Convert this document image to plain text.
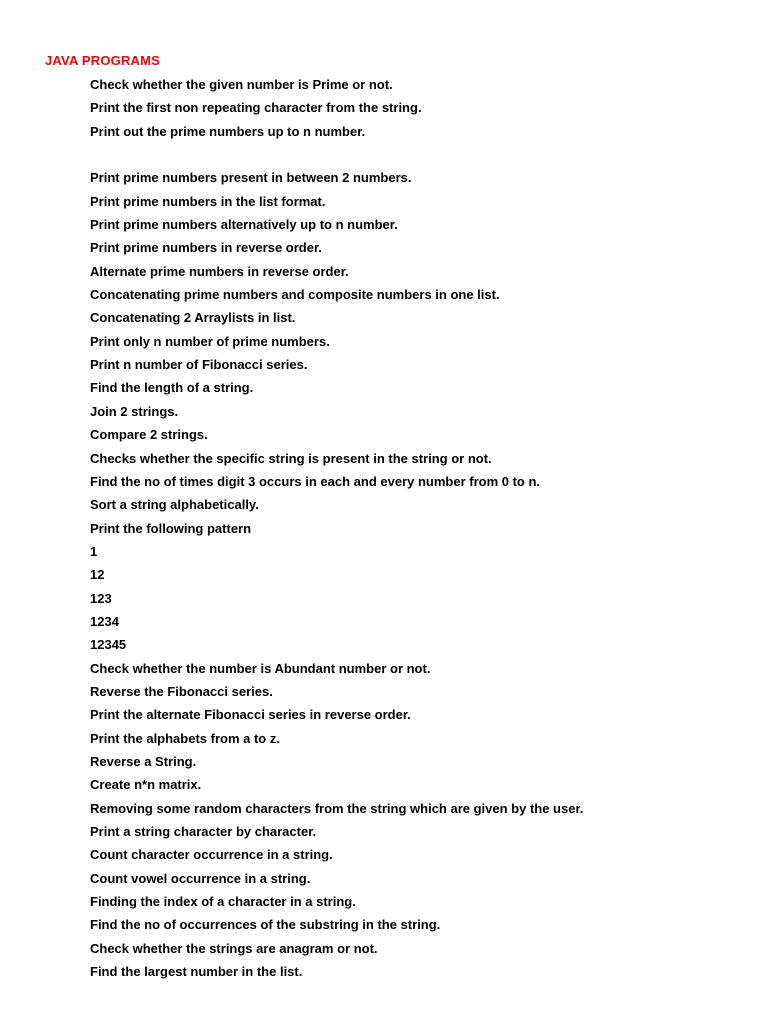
JAVA PROGRAMS
Check whether the given number is Prime or not.
Print the first non repeating character from the string.
Print out the prime numbers up to n number.
Print prime numbers present in between 2 numbers.
Print prime numbers in the list format.
Print prime numbers alternatively up to n number.
Print prime numbers in reverse order.
Alternate prime numbers in reverse order.
Concatenating prime numbers and composite numbers in one list.
Concatenating 2 Arraylists in list.
Print only n number of prime numbers.
Print n number of Fibonacci series.
Find the length of a string.
Join 2 strings.
Compare 2 strings.
Checks whether the specific string is present in the string or not.
Find the no of times digit 3 occurs in each and every number from 0 to n.
Sort a string alphabetically.
Print the following pattern
1
12
123
1234
12345
Check whether the number is Abundant number or not.
Reverse the Fibonacci series.
Print the alternate Fibonacci series in reverse order.
Print the alphabets from a to z.
Reverse a String.
Create n*n matrix.
Removing some random characters from the string which are given by the user.
Print a string character by character.
Count character occurrence in a string.
Count vowel occurrence in a string.
Finding the index of a character in a string.
Find the no of occurrences of the substring in the string.
Check whether the strings are anagram or not.
Find the largest number in the list.
